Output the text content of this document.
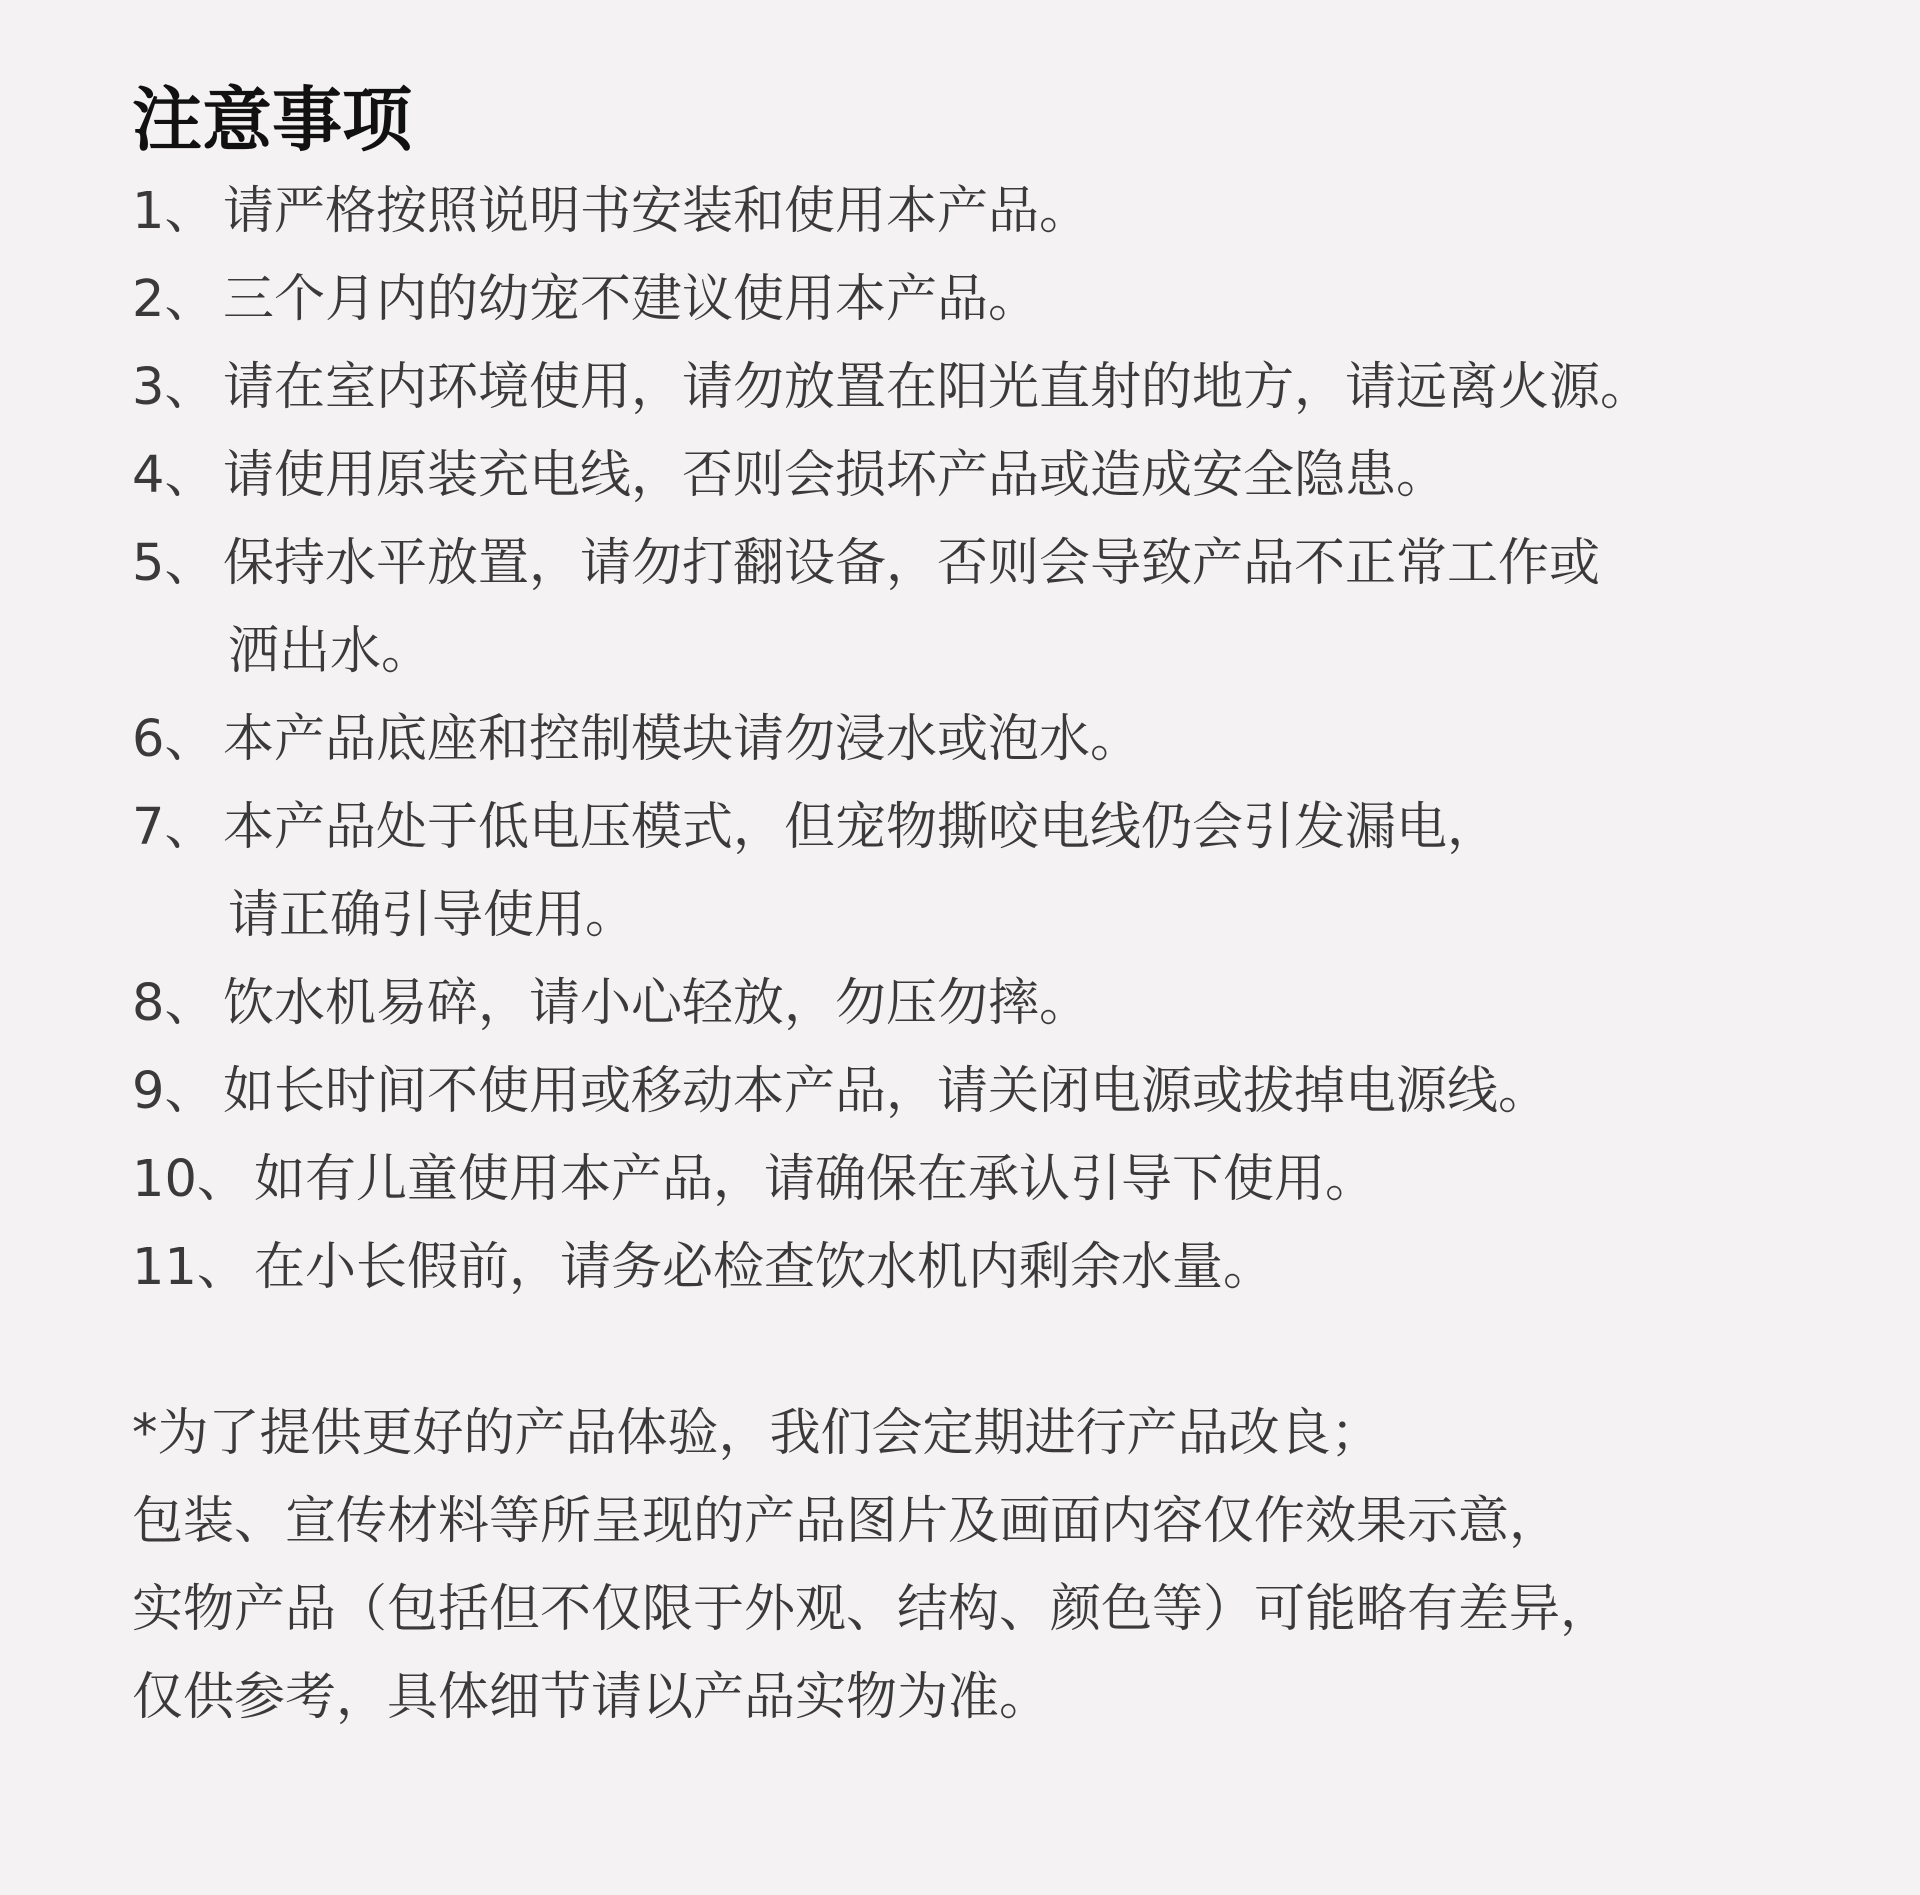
注意事项
1、 请严格按照说明书安装和使用本产品。
2、 三个月内的幼宠不建议使用本产品。
3、 请在室内环境使用，请勿放置在阳光直射的地方，请远离火源。
4、 请使用原装充电线，否则会损坏产品或造成安全隐患。
5、 保持水平放置，请勿打翻设备，否则会导致产品不正常工作或
洒出水。
6、 本产品底座和控制模块请勿浸水或泡水。
7、 本产品处于低电压模式，但宠物撕咬电线仍会引发漏电，
请正确引导使用。
8、 饮水机易碎，请小心轻放，勿压勿摔。
9、 如长时间不使用或移动本产品，请关闭电源或拔掉电源线。
10、 如有儿童使用本产品，请确保在承认引导下使用。
11、 在小长假前，请务必检查饮水机内剩余水量。
*为了提供更好的产品体验，我们会定期进行产品改良；
包装、宣传材料等所呈现的产品图片及画面内容仅作效果示意，
实物产品（包括但不仅限于外观、结构、颜色等）可能略有差异，
仅供参考，具体细节请以产品实物为准。
